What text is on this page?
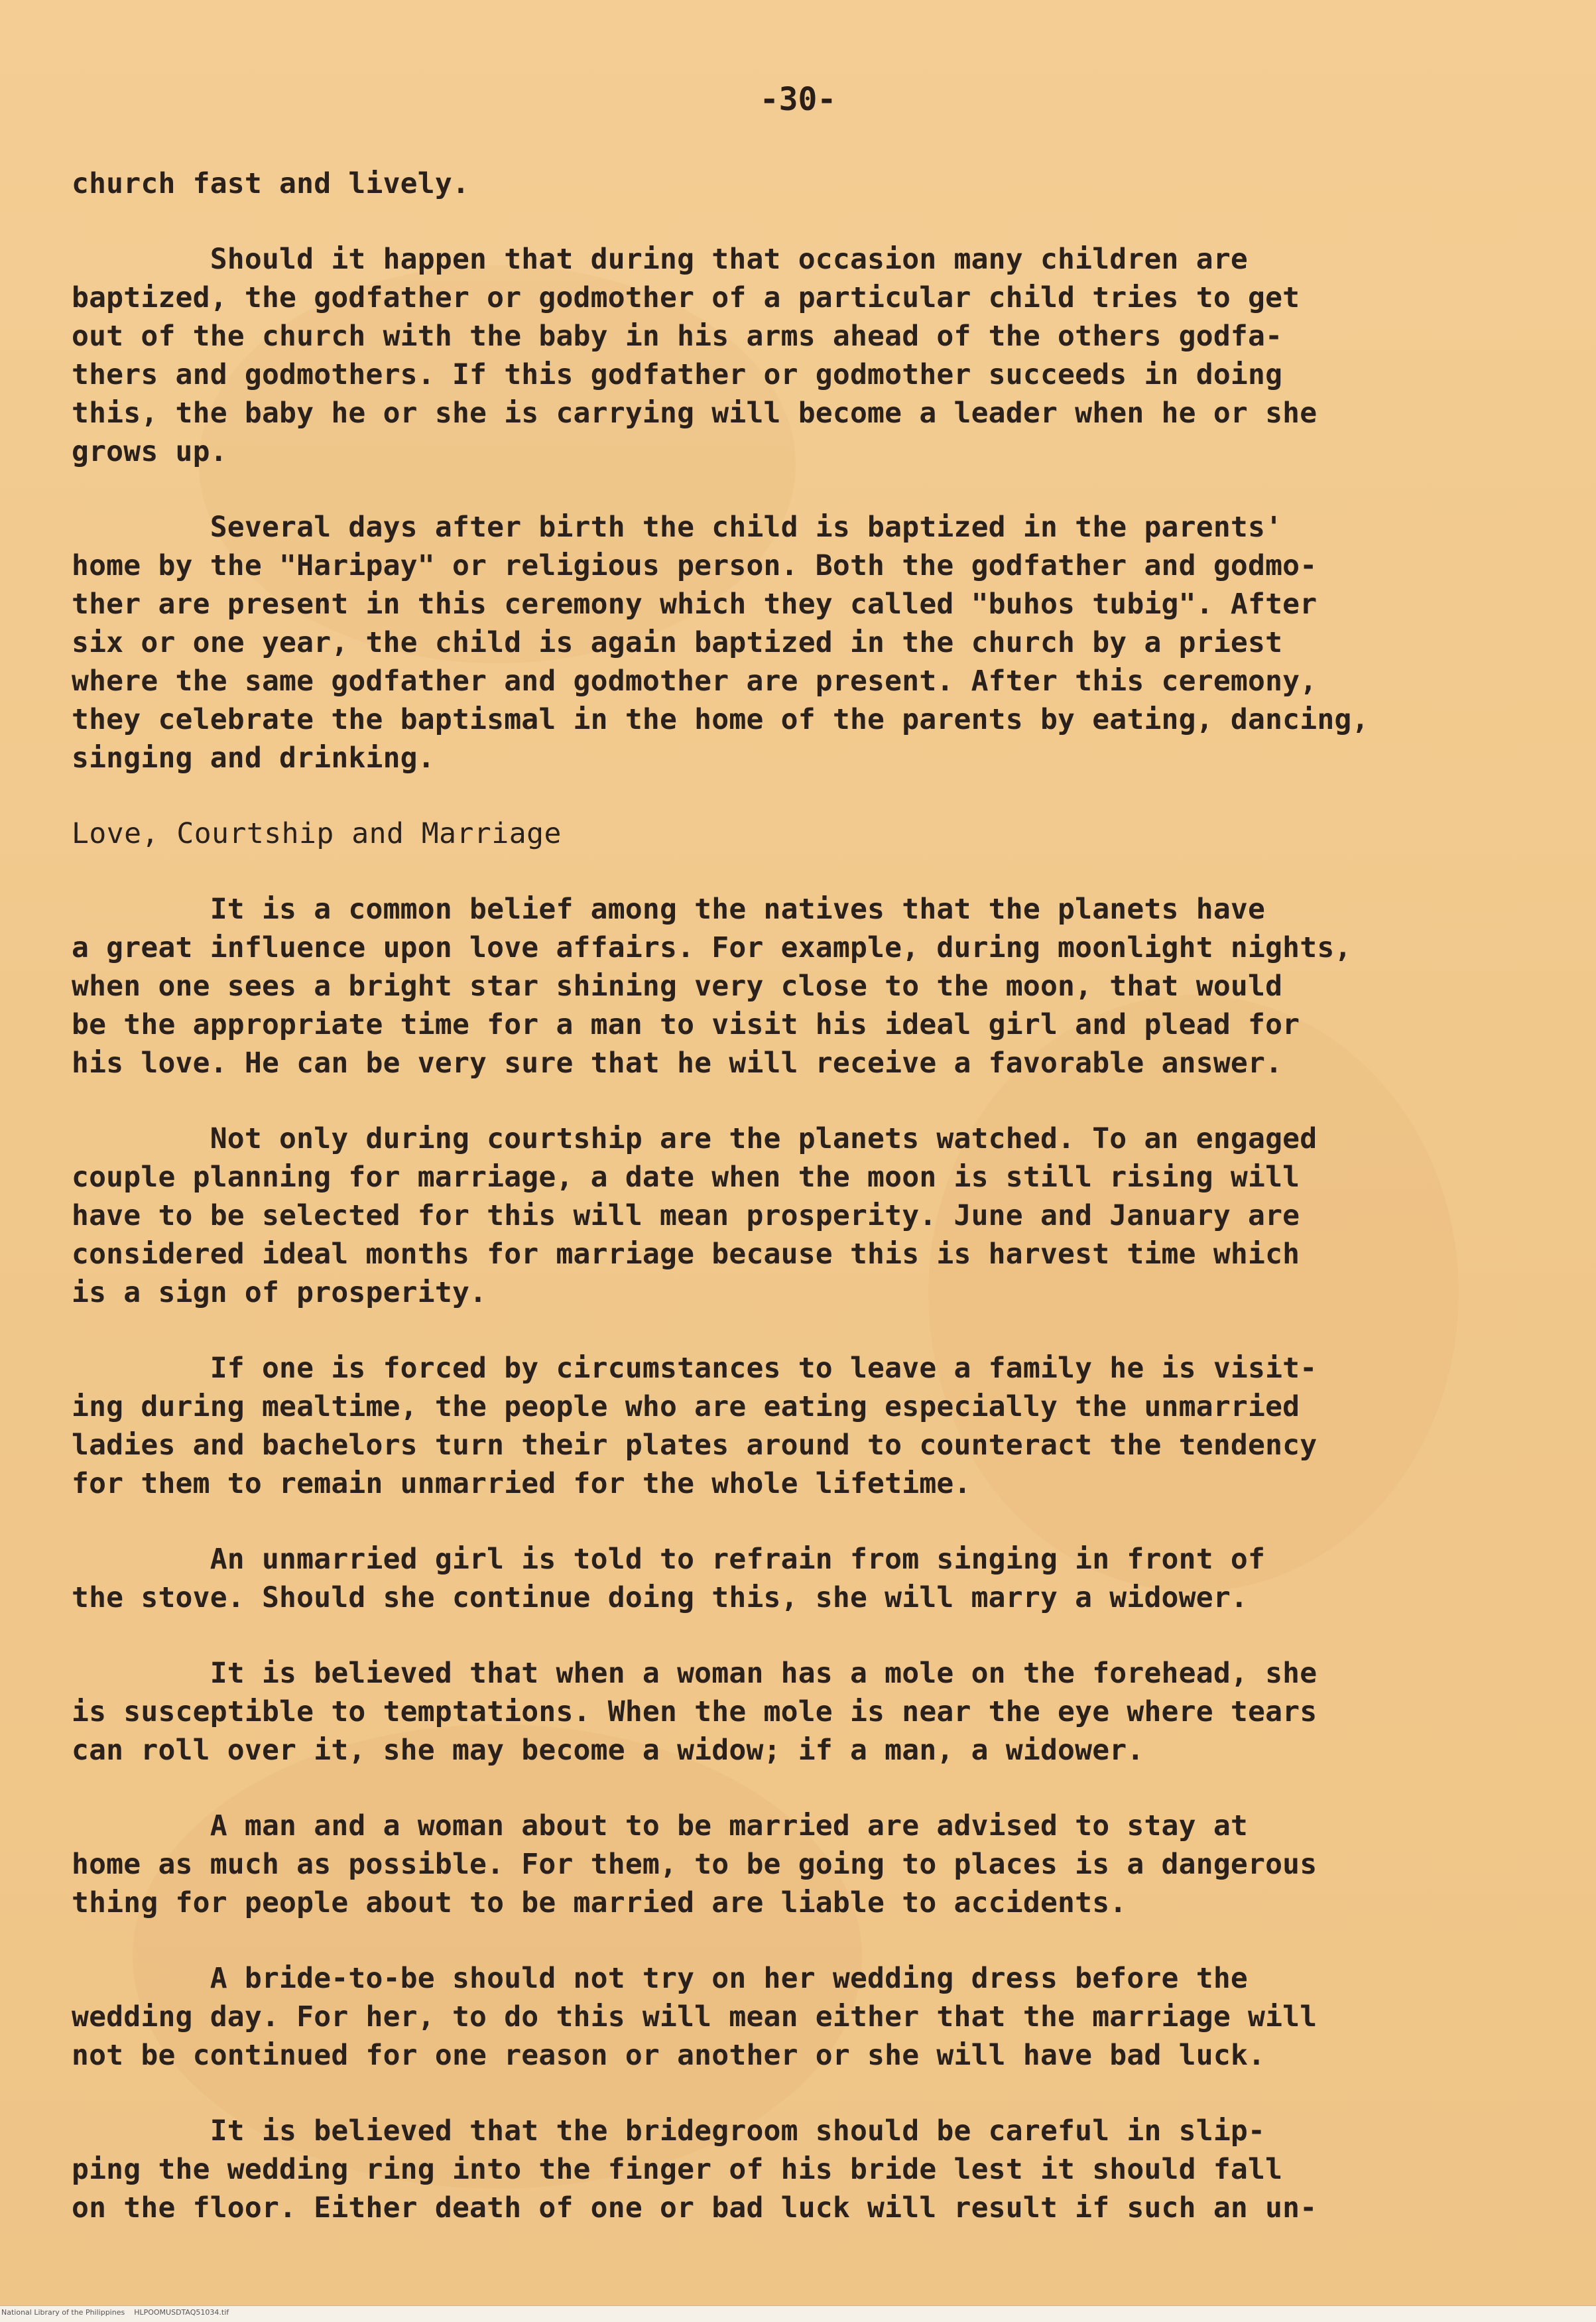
-30-
church fast and lively.
Should it happen that during that occasion many children are
baptized, the godfather or godmother of a particular child tries to get
out of the church with the baby in his arms ahead of the others godfa-
thers and godmothers. If this godfather or godmother succeeds in doing
this, the baby he or she is carrying will become a leader when he or she
grows up.
Several days after birth the child is baptized in the parents'
home by the "Haripay" or religious person. Both the godfather and godmo-
ther are present in this ceremony which they called "buhos tubig". After
six or one year, the child is again baptized in the church by a priest
where the same godfather and godmother are present. After this ceremony,
they celebrate the baptismal in the home of the parents by eating, dancing,
singing and drinking.
Love, Courtship and Marriage
It is a common belief among the natives that the planets have
a great influence upon love affairs. For example, during moonlight nights,
when one sees a bright star shining very close to the moon, that would
be the appropriate time for a man to visit his ideal girl and plead for
his love. He can be very sure that he will receive a favorable answer.
Not only during courtship are the planets watched. To an engaged
couple planning for marriage, a date when the moon is still rising will
have to be selected for this will mean prosperity. June and January are
considered ideal months for marriage because this is harvest time which
is a sign of prosperity.
If one is forced by circumstances to leave a family he is visit-
ing during mealtime, the people who are eating especially the unmarried
ladies and bachelors turn their plates around to counteract the tendency
for them to remain unmarried for the whole lifetime.
An unmarried girl is told to refrain from singing in front of
the stove. Should she continue doing this, she will marry a widower.
It is believed that when a woman has a mole on the forehead, she
is susceptible to temptations. When the mole is near the eye where tears
can roll over it, she may become a widow; if a man, a widower.
A man and a woman about to be married are advised to stay at
home as much as possible. For them, to be going to places is a dangerous
thing for people about to be married are liable to accidents.
A bride-to-be should not try on her wedding dress before the
wedding day. For her, to do this will mean either that the marriage will
not be continued for one reason or another or she will have bad luck.
It is believed that the bridegroom should be careful in slip-
ping the wedding ring into the finger of his bride lest it should fall
on the floor. Either death of one or bad luck will result if such an un-
National Library of the Philippines    HLPOOMUSDTAQ51034.tif
